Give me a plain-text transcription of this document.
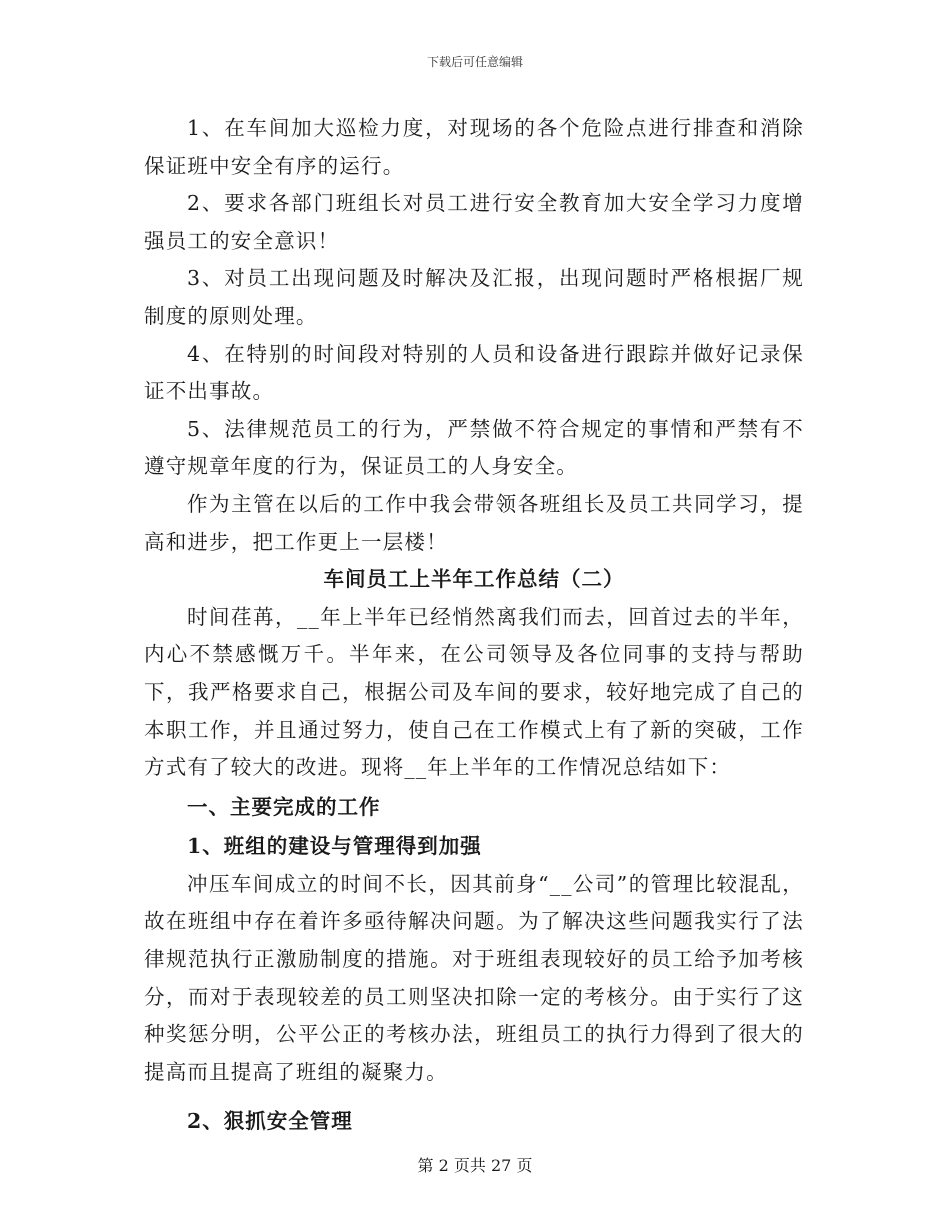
下载后可任意编辑

1、在车间加大巡检力度，对现场的各个危险点进行排查和消除保证班中安全有序的运行。

2、要求各部门班组长对员工进行安全教育加大安全学习力度增强员工的安全意识！

3、对员工出现问题及时解决及汇报，出现问题时严格根据厂规制度的原则处理。

4、在特别的时间段对特别的人员和设备进行跟踪并做好记录保证不出事故。

5、法律规范员工的行为，严禁做不符合规定的事情和严禁有不遵守规章年度的行为，保证员工的人身安全。

作为主管在以后的工作中我会带领各班组长及员工共同学习，提高和进步，把工作更上一层楼！

车间员工上半年工作总结（二）

时间荏苒，__年上半年已经悄然离我们而去，回首过去的半年，内心不禁感慨万千。半年来，在公司领导及各位同事的支持与帮助下，我严格要求自己，根据公司及车间的要求，较好地完成了自己的本职工作，并且通过努力，使自己在工作模式上有了新的突破，工作方式有了较大的改进。现将__年上半年的工作情况总结如下：

一、主要完成的工作

1、班组的建设与管理得到加强

冲压车间成立的时间不长，因其前身“__公司”的管理比较混乱，故在班组中存在着许多亟待解决问题。为了解决这些问题我实行了法律规范执行正激励制度的措施。对于班组表现较好的员工给予加考核分，而对于表现较差的员工则坚决扣除一定的考核分。由于实行了这种奖惩分明，公平公正的考核办法，班组员工的执行力得到了很大的提高而且提高了班组的凝聚力。

2、狠抓安全管理

第 2 页共 27 页
